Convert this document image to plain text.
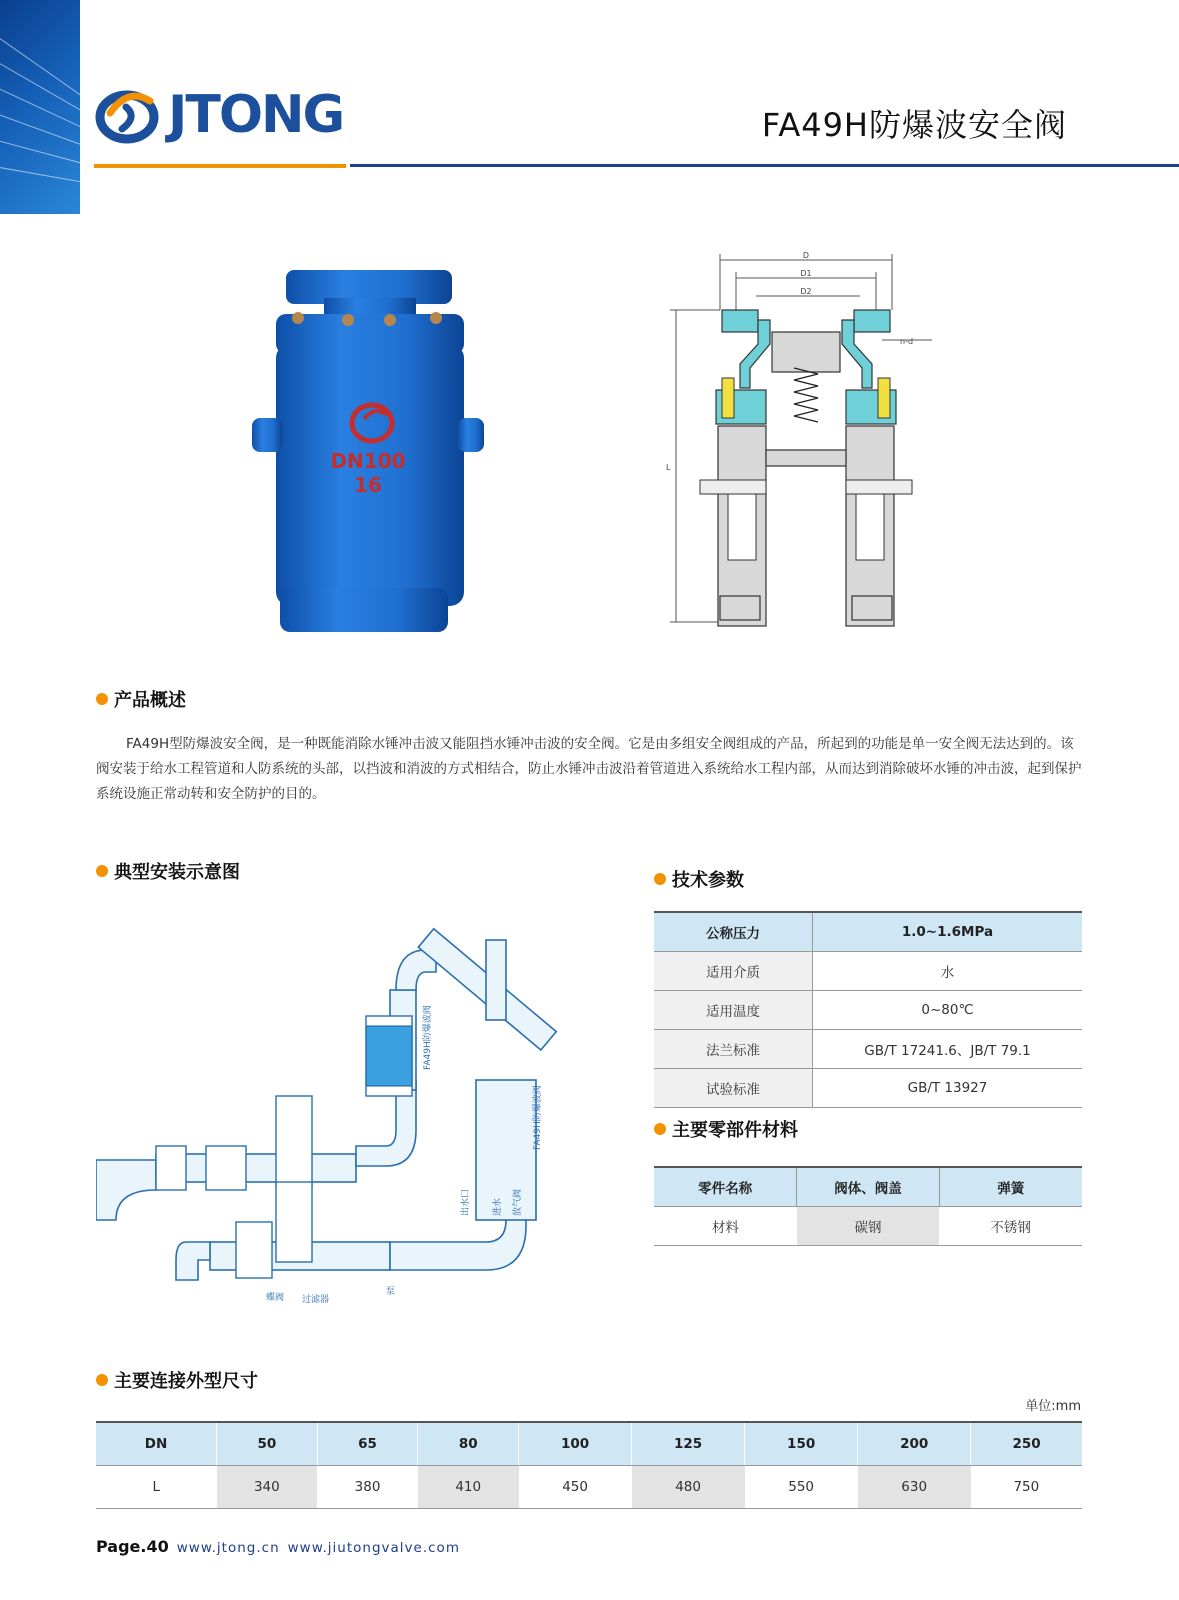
JTONG	FA49H防爆波安全阀
DN100
16
D
D1
D2
n-d
L
产品概述
FA49H型防爆波安全阀，是一种既能消除水锤冲击波又能阻挡水锤冲击波的安全阀。它是由多组安全阀组成的产品，所起到的功能是单一安全阀无法达到的。该阀安装于给水工程管道和人防系统的头部，以挡波和消波的方式相结合，防止水锤冲击波沿着管道进入系统给水工程内部，从而达到消除破坏水锤的冲击波，起到保护系统设施正常动转和安全防护的目的。
典型安装示意图
FA49H防爆波阀
FA49H防爆波阀
放气阀
出水口 进水
蝶阀 过滤器
泵
技术参数
公称压力	1.0~1.6MPa
适用介质	水
适用温度	0~80℃
法兰标准	GB/T 17241.6、JB/T 79.1
试验标准	GB/T 13927
主要零部件材料
零件名称	阀体、阀盖	弹簧
材料	碳钢	不锈钢
主要连接外型尺寸
单位:mm
DN	50	65	80	100	125	150	200	250
L	340	380	410	450	480	550	630	750
Page.40 www.jtong.cn www.jiutongvalve.com
